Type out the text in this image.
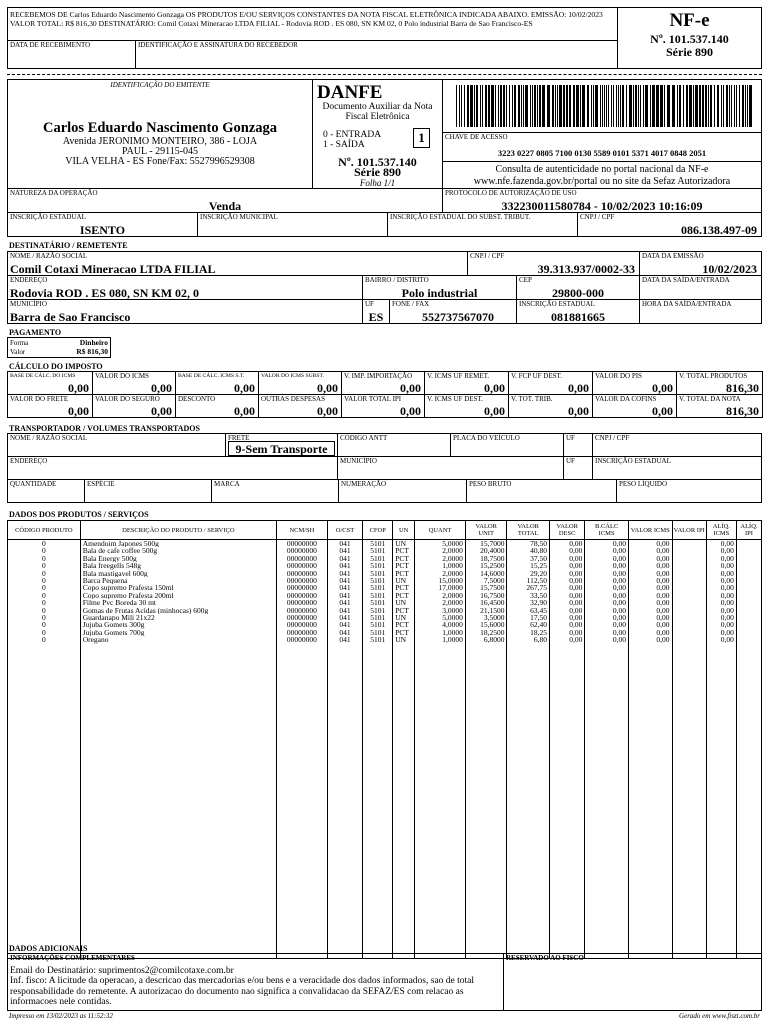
RECEBEMOS DE Carlos Eduardo Nascimento Gonzaga OS PRODUTOS E/OU SERVIÇOS CONSTANTES DA NOTA FISCAL ELETRÔNICA INDICADA ABAIXO. EMISSÃO: 10/02/2023 VALOR TOTAL: R$ 816,30 DESTINATÁRIO: Comil Cotaxi Mineracao LTDA FILIAL - Rodovia ROD . ES 080, SN KM 02, 0 Polo industrial Barra de Sao Francisco-ES
DATA DE RECEBIMENTO	IDENTIFICAÇÃO E ASSINATURA DO RECEBEDOR
NF-e
Nº. 101.537.140
Série 890
IDENTIFICAÇÃO DO EMITENTE
Carlos Eduardo Nascimento Gonzaga
Avenida JERONIMO MONTEIRO, 386 - LOJA
PAUL - 29115-045
VILA VELHA - ES Fone/Fax: 5527996529308
DANFE
Documento Auxiliar da Nota
Fiscal Eletrônica
0 - ENTRADA
1 - SAÍDA	1
Nº. 101.537.140
Série 890
Folha 1/1
CHAVE DE ACESSO
3223 0227 0805 7100 0130 5589 0101 5371 4017 0848 2051
Consulta de autenticidade no portal nacional da NF-e
www.nfe.fazenda.gov.br/portal ou no site da Sefaz Autorizadora
NATUREZA DA OPERAÇÃO
Venda
PROTOCOLO DE AUTORIZAÇÃO DE USO
332230011580784 - 10/02/2023 10:16:09
INSCRIÇÃO ESTADUAL
ISENTO
INSCRIÇÃO MUNICIPAL	INSCRIÇÃO ESTADUAL DO SUBST. TRIBUT.	CNPJ / CPF
086.138.497-09
DESTINATÁRIO / REMETENTE
NOME / RAZÃO SOCIAL
Comil Cotaxi Mineracao LTDA FILIAL
CNPJ / CPF
39.313.937/0002-33
DATA DA EMISSÃO
10/02/2023
ENDEREÇO
Rodovia ROD . ES 080, SN KM 02, 0
BAIRRO / DISTRITO
Polo industrial
CEP
29800-000
DATA DA SAÍDA/ENTRADA
MUNICÍPIO
Barra de Sao Francisco
UF
ES
FONE / FAX
552737567070
INSCRIÇÃO ESTADUAL
081881665
HORA DA SAÍDA/ENTRADA
PAGAMENTO
Forma	Dinheiro
Valor	R$ 816,30
CÁLCULO DO IMPOSTO
BASE DE CÁLC. DO ICMS
0,00
VALOR DO ICMS
0,00
BASE DE CÁLC. ICMS S.T.
0,00
VALOR DO ICMS SUBST.
0,00
V. IMP. IMPORTAÇÃO
0,00
V. ICMS UF REMET.
0,00
V. FCP UF DEST.
0,00
VALOR DO PIS
0,00
V. TOTAL PRODUTOS
816,30
VALOR DO FRETE
0,00
VALOR DO SEGURO
0,00
DESCONTO
0,00
OUTRAS DESPESAS
0,00
VALOR TOTAL IPI
0,00
V. ICMS UF DEST.
0,00
V. TOT. TRIB.
0,00
VALOR DA COFINS
0,00
V. TOTAL DA NOTA
816,30
TRANSPORTADOR / VOLUMES TRANSPORTADOS
NOME / RAZÃO SOCIAL	FRETE
9-Sem Transporte
CÓDIGO ANTT	PLACA DO VEÍCULO	UF	CNPJ / CPF
ENDEREÇO	MUNICÍPIO	UF	INSCRIÇÃO ESTADUAL
QUANTIDADE	ESPÉCIE	MARCA	NUMERAÇÃO	PESO BRUTO	PESO LÍQUIDO
DADOS DOS PRODUTOS / SERVIÇOS
CÓDIGO PRODUTO	DESCRIÇÃO DO PRODUTO / SERVIÇO	NCM/SH	O/CST	CFOP	UN	QUANT	VALOR UNIT	VALOR TOTAL	VALOR DESC	B.CÁLC ICMS	VALOR ICMS	VALOR IPI	ALÍQ. ICMS	ALÍQ. IPI
0	Amendoim Japones 500g	00000000	041	5101	UN	5,0000	15,7000	78,50	0,00	0,00	0,00		0,00	
0	Bala de cafe coffee 500g	00000000	041	5101	PCT	2,0000	20,4000	40,80	0,00	0,00	0,00		0,00	
0	Bala Energy 500g	00000000	041	5101	PCT	2,0000	18,7500	37,50	0,00	0,00	0,00		0,00	
0	Bala freegells 548g	00000000	041	5101	PCT	1,0000	15,2500	15,25	0,00	0,00	0,00		0,00	
0	Bala mastigavel 600g	00000000	041	5101	PCT	2,0000	14,6000	29,20	0,00	0,00	0,00		0,00	
0	Barca Pequena	00000000	041	5101	UN	15,0000	7,5000	112,50	0,00	0,00	0,00		0,00	
0	Copo supremo Prafesta 150ml	00000000	041	5101	PCT	17,0000	15,7500	267,75	0,00	0,00	0,00		0,00	
0	Copo supremo Prafesta 200ml	00000000	041	5101	PCT	2,0000	16,7500	33,50	0,00	0,00	0,00		0,00	
0	Filme Pvc Boreda 30 mt	00000000	041	5101	UN	2,0000	16,4500	32,90	0,00	0,00	0,00		0,00	
0	Gomas de Frutas Acidas (minhocas) 600g	00000000	041	5101	PCT	3,0000	21,1500	63,45	0,00	0,00	0,00		0,00	
0	Guardanapo Mili 21x22	00000000	041	5101	UN	5,0000	3,5000	17,50	0,00	0,00	0,00		0,00	
0	Jujuba Gomets 300g	00000000	041	5101	PCT	4,0000	15,6000	62,40	0,00	0,00	0,00		0,00	
0	Jujuba Gomets 700g	00000000	041	5101	PCT	1,0000	18,2500	18,25	0,00	0,00	0,00		0,00	
0	Oregano	00000000	041	5101	UN	1,0000	6,8000	6,80	0,00	0,00	0,00		0,00	

DADOS ADICIONAIS
INFORMAÇÕES COMPLEMENTARES
Email do Destinatário: suprimentos2@comilcotaxe.com.br
Inf. fisco: A licitude da operacao, a descricao das mercadorias e/ou bens e a veracidade dos dados informados, sao de total responsabilidade do remetente. A autorizacao do documento nao significa a convalidacao da SEFAZ/ES com relacao as informacoes nele contidas.
RESERVADO AO FISCO
Impresso em 13/02/2023 as 11:52:32	Gerado em www.fiszt.com.br
